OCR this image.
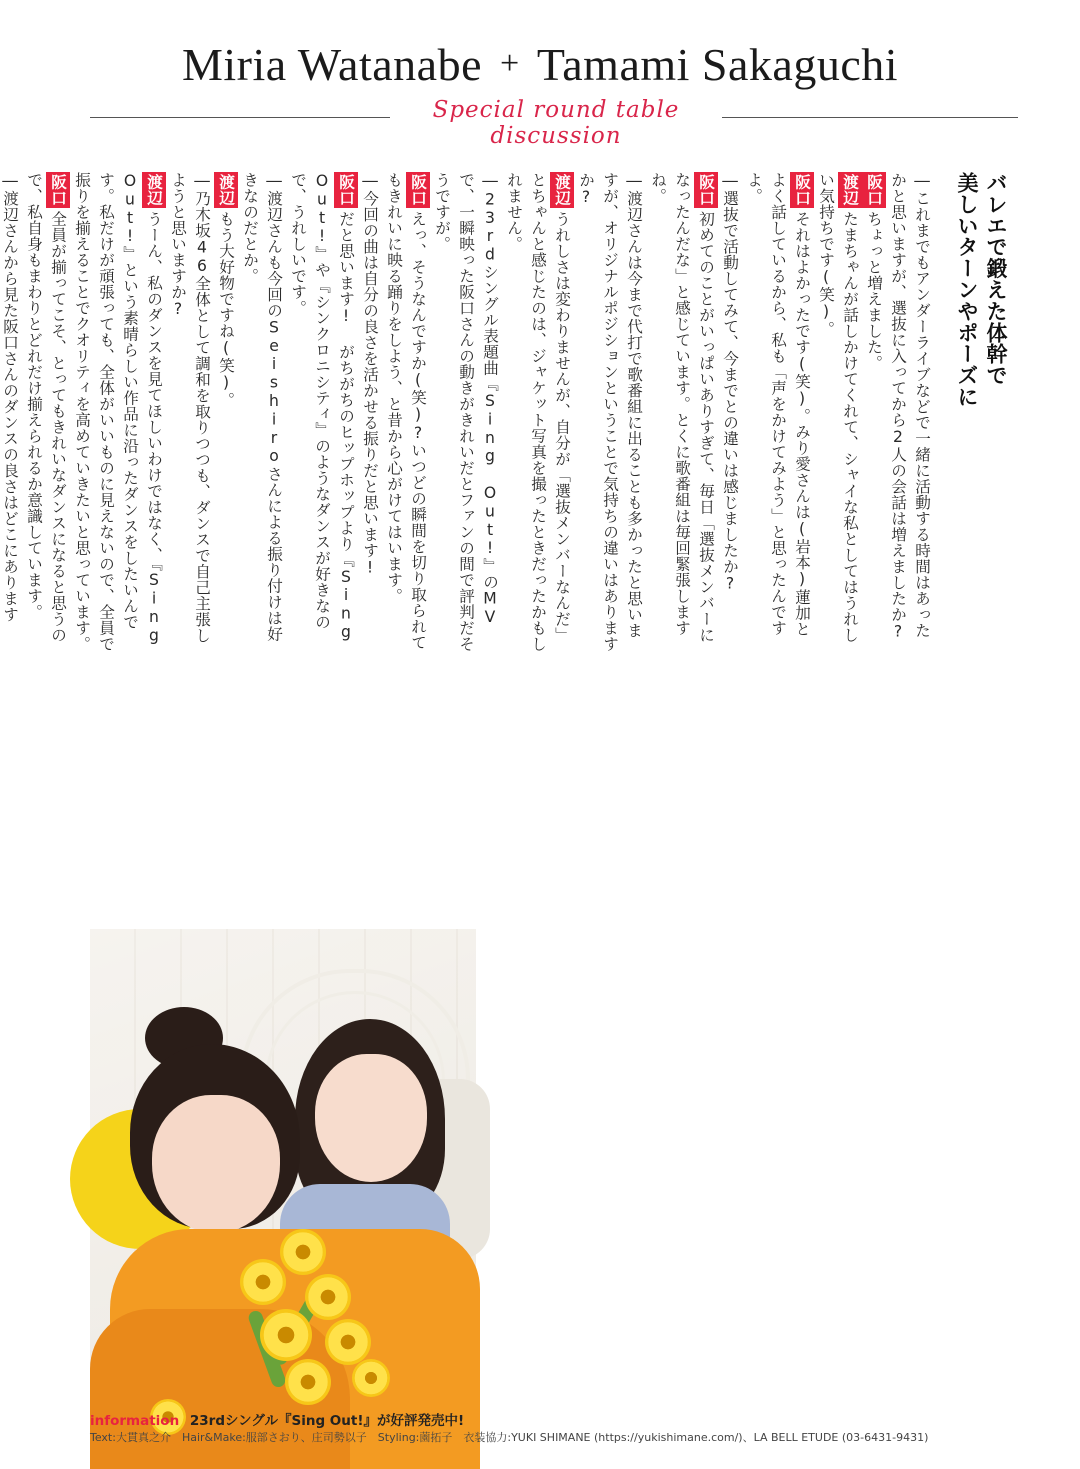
Miria Watanabe + Tamami Sakaguchi
Special round table discussion

バレエで鍛えた体幹で

美しいターンやポーズに

―これまでもアンダーライブなどで一緒に活動する時間はあったかと思いますが、選抜に入ってから2人の会話は増えましたか?

阪口ちょっと増えました。

渡辺たまちゃんが話しかけてくれて、シャイな私としてはうれしい気持ちです(笑)。

阪口それはよかったです(笑)。みり愛さんは(岩本)蓮加とよく話しているから、私も「声をかけてみよう」と思ったんですよ。

―選抜で活動してみて、今までとの違いは感じましたか?

阪口初めてのことがいっぱいありすぎて、毎日「選抜メンバーになったんだな」と感じています。とくに歌番組は毎回緊張しますね。

―渡辺さんは今まで代打で歌番組に出ることも多かったと思いますが、オリジナルポジションということで気持ちの違いはありますか?

渡辺うれしさは変わりませんが、自分が「選抜メンバーなんだ」とちゃんと感じたのは、ジャケット写真を撮ったときだったかもしれません。

―23rdシングル表題曲『Sing Out!』のMVで、一瞬映った阪口さんの動きがきれいだとファンの間で評判だそうですが。

阪口えっ、そうなんですか(笑)?いつどの瞬間を切り取られてもきれいに映る踊りをしよう、と昔から心がけてはいます。

―今回の曲は自分の良さを活かせる振りだと思います!

阪口だと思います! がちがちのヒップホップより『Sing Out!』や『シンクロニシティ』のようなダンスが好きなので、うれしいです。

―渡辺さんも今回のSeishiroさんによる振り付けは好きなのだとか。

渡辺もう大好物ですね(笑)。

―乃木坂46全体として調和を取りつつも、ダンスで自己主張しようと思いますか?

渡辺うーん、私のダンスを見てほしいわけではなく、『Sing Out!』という素晴らしい作品に沿ったダンスをしたいんです。私だけが頑張っても、全体がいいものに見えないので、全員で振りを揃えることでクオリティを高めていきたいと思っています。

阪口全員が揃ってこそ、とってもきれいなダンスになると思うので、私自身もまわりとどれだけ揃えられるか意識しています。

―渡辺さんから見た阪口さんのダンスの良さはどこにあります

information 23rdシングル『Sing Out!』が好評発売中!
Text:大貫真之介　Hair&Make:服部さおり、庄司勢以子　Styling:薗拓子　衣装協力:YUKI SHIMANE (https://yukishimane.com/)、LA BELL ETUDE (03-6431-9431)
